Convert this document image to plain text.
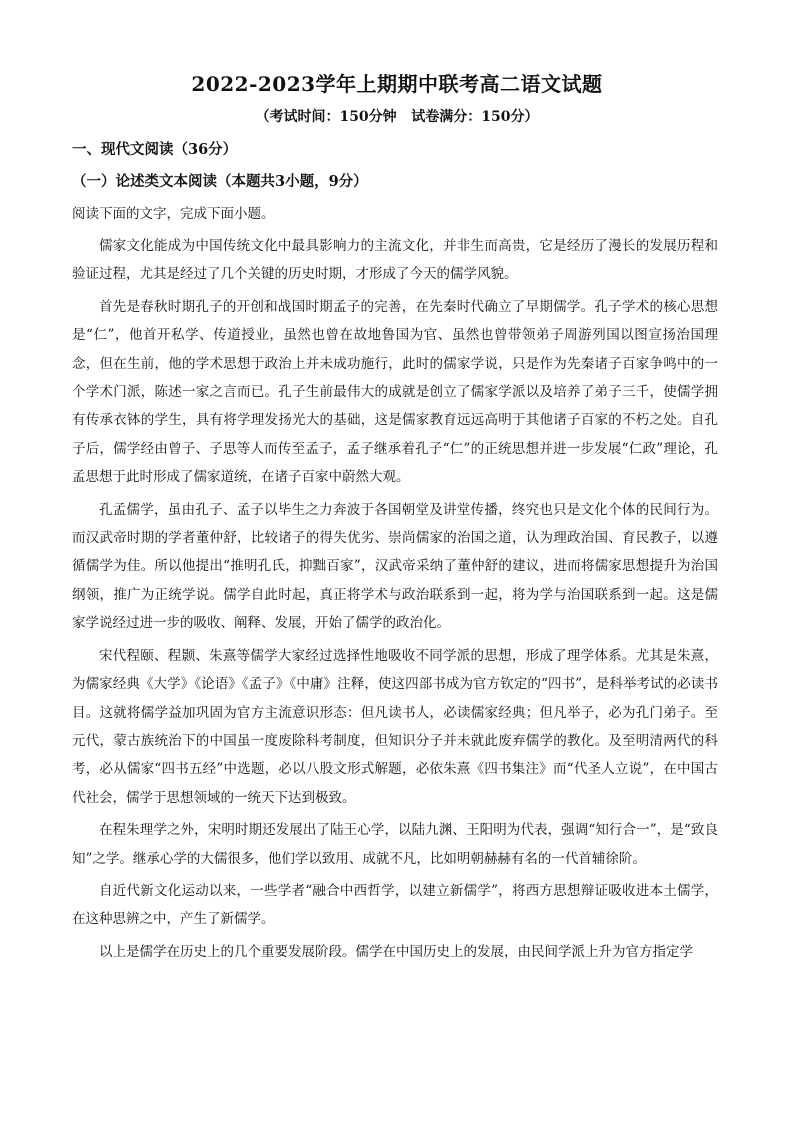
2022-2023学年上期期中联考高二语文试题
（考试时间：150分钟   试卷满分：150分）
一、现代文阅读（36分）
（一）论述类文本阅读（本题共3小题，9分）
阅读下面的文字，完成下面小题。

儒家文化能成为中国传统文化中最具影响力的主流文化，并非生而高贵，它是经历了漫长的发展历程和验证过程，尤其是经过了几个关键的历史时期，才形成了今天的儒学风貌。

首先是春秋时期孔子的开创和战国时期孟子的完善，在先秦时代确立了早期儒学。孔子学术的核心思想是“仁”，他首开私学、传道授业，虽然也曾在故地鲁国为官、虽然也曾带领弟子周游列国以图宣扬治国理念，但在生前，他的学术思想于政治上并未成功施行，此时的儒家学说，只是作为先秦诸子百家争鸣中的一个学术门派，陈述一家之言而已。孔子生前最伟大的成就是创立了儒家学派以及培养了弟子三千，使儒学拥有传承衣钵的学生，具有将学理发扬光大的基础，这是儒家教育远远高明于其他诸子百家的不朽之处。自孔子后，儒学经由曾子、子思等人而传至孟子，孟子继承着孔子“仁”的正统思想并进一步发展“仁政”理论，孔孟思想于此时形成了儒家道统，在诸子百家中蔚然大观。

孔孟儒学，虽由孔子、孟子以毕生之力奔波于各国朝堂及讲堂传播，终究也只是文化个体的民间行为。而汉武帝时期的学者董仲舒，比较诸子的得失优劣、崇尚儒家的治国之道，认为理政治国、育民教子，以遵循儒学为佳。所以他提出“推明孔氏，抑黜百家”，汉武帝采纳了董仲舒的建议，进而将儒家思想提升为治国纲领，推广为正统学说。儒学自此时起，真正将学术与政治联系到一起，将为学与治国联系到一起。这是儒家学说经过进一步的吸收、阐释、发展，开始了儒学的政治化。

宋代程颐、程颢、朱熹等儒学大家经过选择性地吸收不同学派的思想，形成了理学体系。尤其是朱熹，为儒家经典《大学》《论语》《孟子》《中庸》注释，使这四部书成为官方钦定的“四书”，是科举考试的必读书目。这就将儒学益加巩固为官方主流意识形态：但凡读书人，必读儒家经典；但凡举子，必为孔门弟子。至元代，蒙古族统治下的中国虽一度废除科考制度，但知识分子并未就此废弃儒学的教化。及至明清两代的科考，必从儒家“四书五经”中选题，必以八股文形式解题，必依朱熹《四书集注》而“代圣人立说”，在中国古代社会，儒学于思想领域的一统天下达到极致。

在程朱理学之外，宋明时期还发展出了陆王心学，以陆九渊、王阳明为代表，强调“知行合一”，是“致良知”之学。继承心学的大儒很多，他们学以致用、成就不凡，比如明朝赫赫有名的一代首辅徐阶。

自近代新文化运动以来，一些学者“融合中西哲学，以建立新儒学”，将西方思想辩证吸收进本土儒学，在这种思辨之中，产生了新儒学。

以上是儒学在历史上的几个重要发展阶段。儒学在中国历史上的发展，由民间学派上升为官方指定学
